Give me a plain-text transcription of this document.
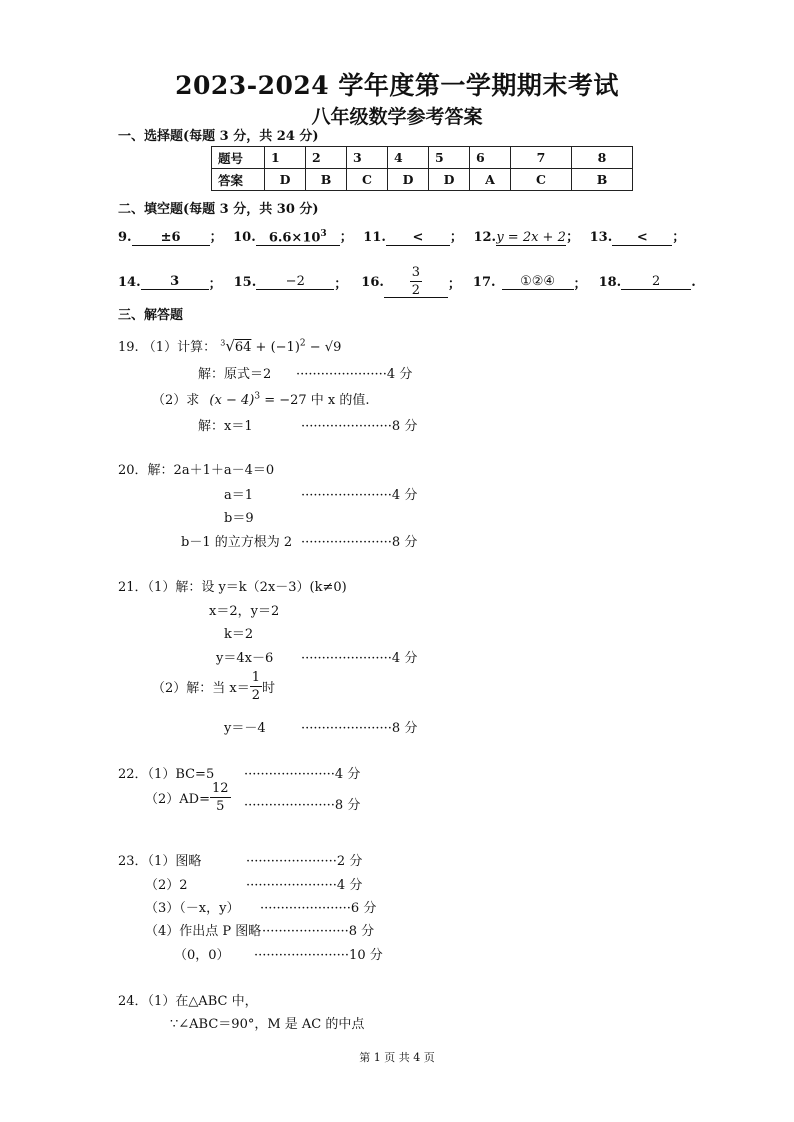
2023-2024 学年度第一学期期末考试
八年级数学参考答案
一、选择题(每题 3 分，共 24 分)
题号	1	2	3	4	5	6	7	8
答案	D	B	C	D	D	A	C	B
二、填空题(每题 3 分，共 30 分)
9. ±6 ； 10. $6.6\times 10^3$ ； 11. < ； 12.y = 2x + 2； 13. < ；
14.	3	； 15.	−2	； 16. $\frac{3}{2}$ ； 17.	①②④	； 18.	2	.
三、解答题
19. （1）计算： $^3√64 + (-1)^2 - √9$
解：原式＝2 ······················4 分
（2）求 $(x - 4)^3 = -27$ 中 x 的值.
解：x＝1	······················8 分
20．解：2a＋1＋a－4＝0
a＝1	······················4 分
b＝9
b－1 的立方根为 2 ······················8 分
21．（1）解：设 y＝k（2x－3）(k≠0)
x＝2，y＝2
k＝2
y＝4x－6 ······················4 分
（2）解：当 $x= \frac{1}{2}$ 时
y＝－4	······················8 分
22．（1）BC=5 ······················4 分
$(2)AD= \frac{12}{5} \cdot\cdot\cdot\cdot\cdot\cdot\cdot\cdot\cdot\cdot\cdot\cdot\cdot\cdot\cdot\cdot\cdot\cdot\cdot\cdot\cdot\cdot 8$ 分
23．（1）图略	······················2 分
（2）2	······················4 分
（3）（－x，y） ······················6 分
（4）作出点 P 图略 ·····················8 分
（0，0） ·······················10 分
24．（1）在△ABC 中，
∵∠ABC＝90°，M 是 AC 的中点
第 1 页 共 4 页
